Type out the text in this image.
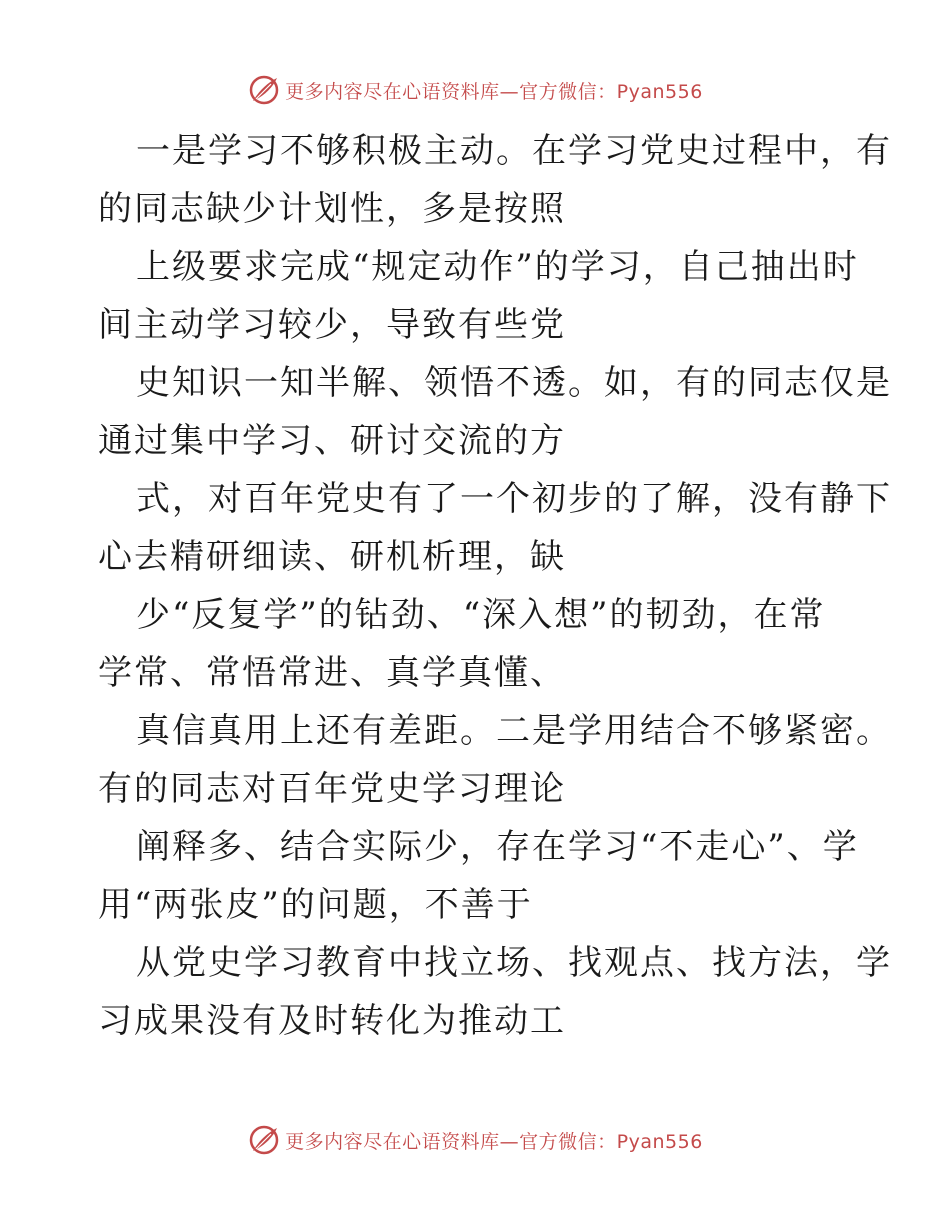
更多内容尽在心语资料库—官方微信：Pyan556

一是学习不够积极主动。在学习党史过程中，有
的同志缺少计划性，多是按照

上级要求完成“规定动作”的学习，自己抽出时
间主动学习较少，导致有些党

史知识一知半解、领悟不透。如，有的同志仅是
通过集中学习、研讨交流的方

式，对百年党史有了一个初步的了解，没有静下
心去精研细读、研机析理，缺

少“反复学”的钻劲、“深入想”的韧劲，在常
学常、常悟常进、真学真懂、

真信真用上还有差距。二是学用结合不够紧密。
有的同志对百年党史学习理论

阐释多、结合实际少，存在学习“不走心”、学
用“两张皮”的问题，不善于

从党史学习教育中找立场、找观点、找方法，学
习成果没有及时转化为推动工

更多内容尽在心语资料库—官方微信：Pyan556
